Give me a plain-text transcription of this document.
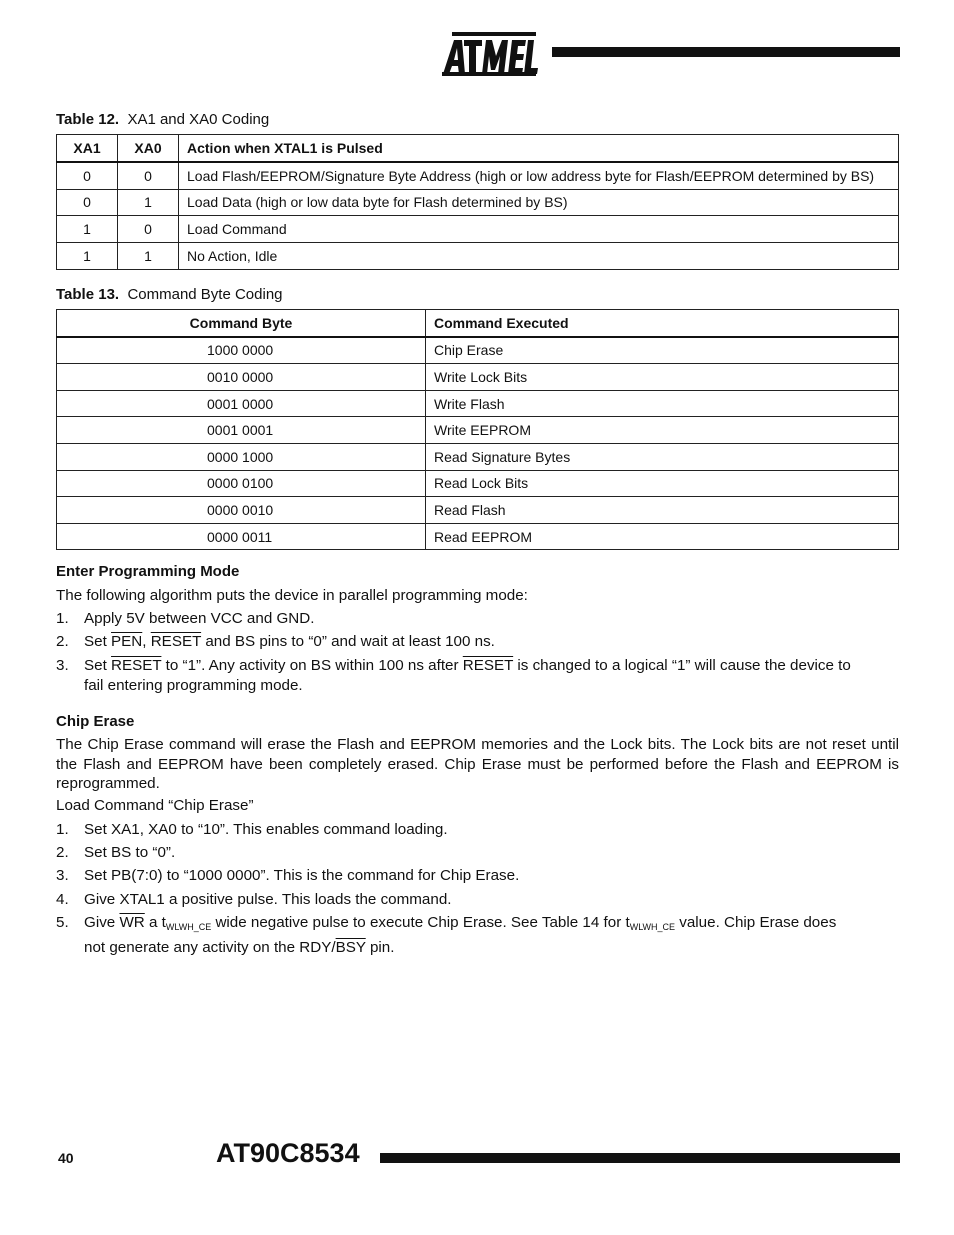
Table 12. XA1 and XA0 Coding
XA1	XA0	Action when XTAL1 is Pulsed
0	0	Load Flash/EEPROM/Signature Byte Address (high or low address byte for Flash/EEPROM determined by BS)
0	1	Load Data (high or low data byte for Flash determined by BS)
1	0	Load Command
1	1	No Action, Idle
Table 13. Command Byte Coding
Command Byte	Command Executed
1000 0000	Chip Erase
0010 0000	Write Lock Bits
0001 0000	Write Flash
0001 0001	Write EEPROM
0000 1000	Read Signature Bytes
0000 0100	Read Lock Bits
0000 0010	Read Flash
0000 0011	Read EEPROM
Enter Programming Mode
The following algorithm puts the device in parallel programming mode:
1. Apply 5V between VCC and GND.
2. Set $\overline{PEN}$, RESET and BS pins to “0” and wait at least 100 ns.
3. Set RESET to “1”. Any activity on BS within 100 ns after RESET is changed to a logical “1” will cause the device to
fail entering programming mode.
Chip Erase
The Chip Erase command will erase the Flash and EEPROM memories and the Lock bits. The Lock bits are not reset until the Flash and EEPROM have been completely erased. Chip Erase must be performed before the Flash and EEPROM is reprogrammed.
Load Command “Chip Erase”
1. Set XA1, XA0 to “10”. This enables command loading.
2. Set BS to “0”.
3. Set PB(7:0) to “1000 0000”. This is the command for Chip Erase.
4. Give XTAL1 a positive pulse. This loads the command.
5. Give $\overline{WR}$ a $t_{WLWH\_CE}$ wide negative pulse to execute Chip Erase. See Table 14 for $t_{WLWH\_CE}$ value. Chip Erase does
not generate any activity on the RDY/$\overline{BSY}$ pin.
40	AT90C8534
